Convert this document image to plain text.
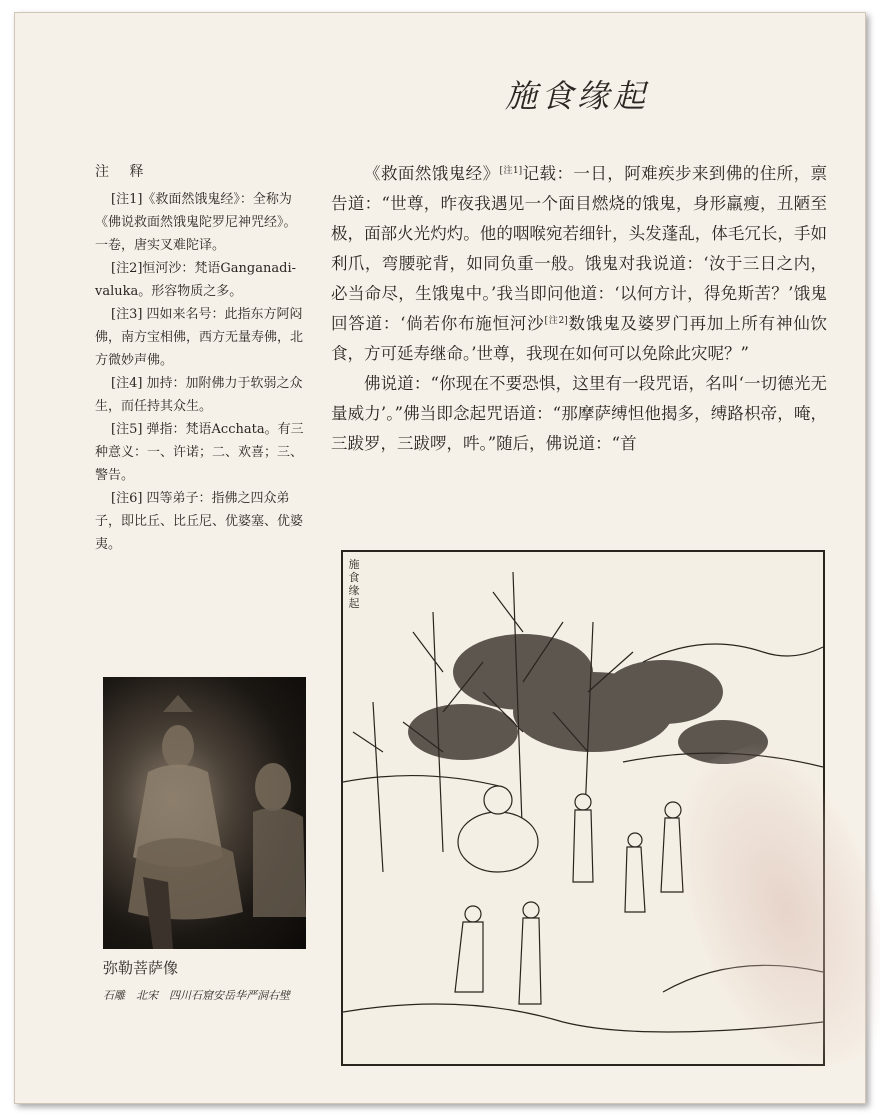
施食缘起
注 释
[注1]《救面然饿鬼经》：全称为《佛说救面然饿鬼陀罗尼神咒经》。一卷，唐实叉难陀译。
[注2]恒河沙：梵语Ganganadi-valuka。形容物质之多。
[注3] 四如来名号：此指东方阿闷佛，南方宝相佛，西方无量寿佛，北方微妙声佛。
[注4] 加持：加附佛力于软弱之众生，而任持其众生。
[注5] 弹指：梵语Acchata。有三种意义：一、许诺；二、欢喜；三、警告。
[注6] 四等弟子：指佛之四众弟子，即比丘、比丘尼、优婆塞、优婆夷。
弥勒菩萨像
石雕　北宋　四川石窟安岳华严洞右壁

《救面然饿鬼经》[注1]记载：一日，阿难疾步来到佛的住所，禀告道：“世尊，昨夜我遇见一个面目燃烧的饿鬼，身形羸瘦，丑陋至极，面部火光灼灼。他的咽喉宛若细针，头发蓬乱，体毛冗长，手如利爪，弯腰驼背，如同负重一般。饿鬼对我说道：‘汝于三日之内，必当命尽，生饿鬼中。’我当即问他道：‘以何方计，得免斯苦？’饿鬼回答道：‘倘若你布施恒河沙[注2]数饿鬼及婆罗门再加上所有神仙饮食，方可延寿继命。’世尊，我现在如何可以免除此灾呢？”

佛说道：“你现在不要恐惧，这里有一段咒语，名叫‘一切德光无量威力’。”佛当即念起咒语道：“那摩萨缚怛他揭多，缚路枳帝，唵，三跋罗，三跋啰，吽。”随后，佛说道：“首

施食缘起
